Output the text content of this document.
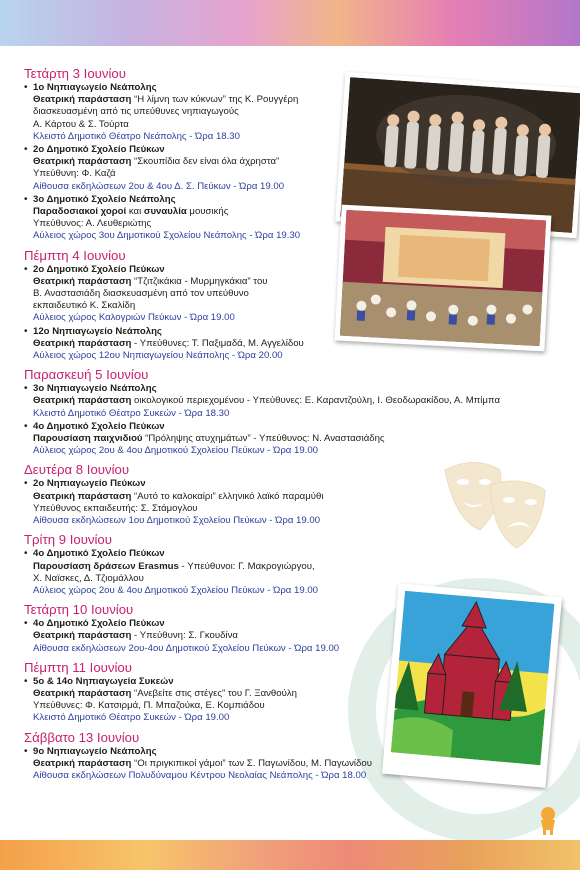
Τετάρτη 3 Ιουνίου
• 1ο Νηπιαγωγείο Νεάπολης
Θεατρική παράσταση “Η λίμνη των κύκνων” της Κ. Ρουγγέρη
διασκευασμένη από τις υπεύθυνες νηπιαγωγούς
Α. Κάρτου & Σ. Τούρτα
Κλειστό Δημοτικό Θέατρο Νεάπολης - Ώρα 18.30
• 2ο Δημοτικό Σχολείο Πεύκων
Θεατρική παράσταση “Σκουπίδια δεν είναι όλα άχρηστα”
Υπεύθυνη: Φ. Καζά
Αίθουσα εκδηλώσεων 2ου & 4ου Δ. Σ. Πεύκων - Ώρα 19.00
• 3ο Δημοτικό Σχολείο Νεάπολης
Παραδοσιακοί χοροί και συναυλία μουσικής
Υπεύθυνος: Α. Λευθεριώτης
Αύλειος χώρος 3ου Δημοτικού Σχολείου Νεάπολης - Ώρα 19.30
Πέμπτη 4 Ιουνίου
• 2ο Δημοτικό Σχολείο Πεύκων
Θεατρική παράσταση “Τζιτζικάκια - Μυρμηγκάκια” του
Β. Αναστασιάδη διασκευασμένη από τον υπεύθυνο
εκπαιδευτικό Κ. Σκαλίδη
Αύλειος χώρος Καλογριών Πεύκων - Ώρα 19.00
• 12ο Νηπιαγωγείο Νεάπολης
Θεατρική παράσταση - Υπεύθυνες: Τ. Παξιμαδά, Μ. Αγγελίδου
Αύλειος χώρος 12ου Νηπιαγωγείου Νεάπολης - Ώρα 20.00
Παρασκευή 5 Ιουνίου
• 3ο Νηπιαγωγείο Νεάπολης
Θεατρική παράσταση οικολογικού περιεχομένου - Υπεύθυνες: Ε. Καραντζούλη, Ι. Θεοδωρακίδου, Α. Μπίμπα
Κλειστό Δημοτικό Θέατρο Συκεών - Ώρα 18.30
• 4ο Δημοτικό Σχολείο Πεύκων
Παρουσίαση παιχνιδιού “Πρόληψης ατυχημάτων” - Υπεύθυνος: Ν. Αναστασιάδης
Αύλειος χώρος 2ου & 4ου Δημοτικού Σχολείου Πεύκων - Ώρα 19.00
Δευτέρα 8 Ιουνίου
• 2ο Νηπιαγωγείο Πεύκων
Θεατρική παράσταση “Αυτό το καλοκαίρι” ελληνικό λαϊκό παραμύθι
Υπεύθυνος εκπαιδευτής: Σ. Στάμογλου
Αίθουσα εκδηλώσεων 1ου Δημοτικού Σχολείου Πεύκων - Ώρα 19.00
Τρίτη 9 Ιουνίου
• 4ο Δημοτικό Σχολείο Πεύκων
Παρουσίαση δράσεων Erasmus - Υπεύθυνοι: Γ. Μακρογιώργου,
Χ. Ναϊσκες, Δ. Τζιομάλλου
Αύλειος χώρος 2ου & 4ου Δημοτικού Σχολείου Πεύκων - Ώρα 19.00
Τετάρτη 10 Ιουνίου
• 4ο Δημοτικό Σχολείο Πεύκων
Θεατρική παράσταση - Υπεύθυνη: Σ. Γκουδίνα
Αίθουσα εκδηλώσεων 2ου-4ου Δημοτικού Σχολείου Πεύκων - Ώρα 19.00
Πέμπτη 11 Ιουνίου
• 5ο & 14ο Νηπιαγωγεία Συκεών
Θεατρική παράσταση “Ανεβείτε στις στέγες” του Γ. Ξανθούλη
Υπεύθυνες: Φ. Κατσιρμά, Π. Μπαζούκα, Ε. Κομπιάδου
Κλειστό Δημοτικό Θέατρο Συκεών - Ώρα 19.00
Σάββατο 13 Ιουνίου
• 9ο Νηπιαγωγείο Νεάπολης
Θεατρική παράσταση “Οι πριγκιπικοί γάμοι” των Σ. Παγωνίδου, Μ. Παγωνίδου
Αίθουσα εκδηλώσεων Πολυδύναμου Κέντρου Νεολαίας Νεάπολης - Ώρα 18.00
